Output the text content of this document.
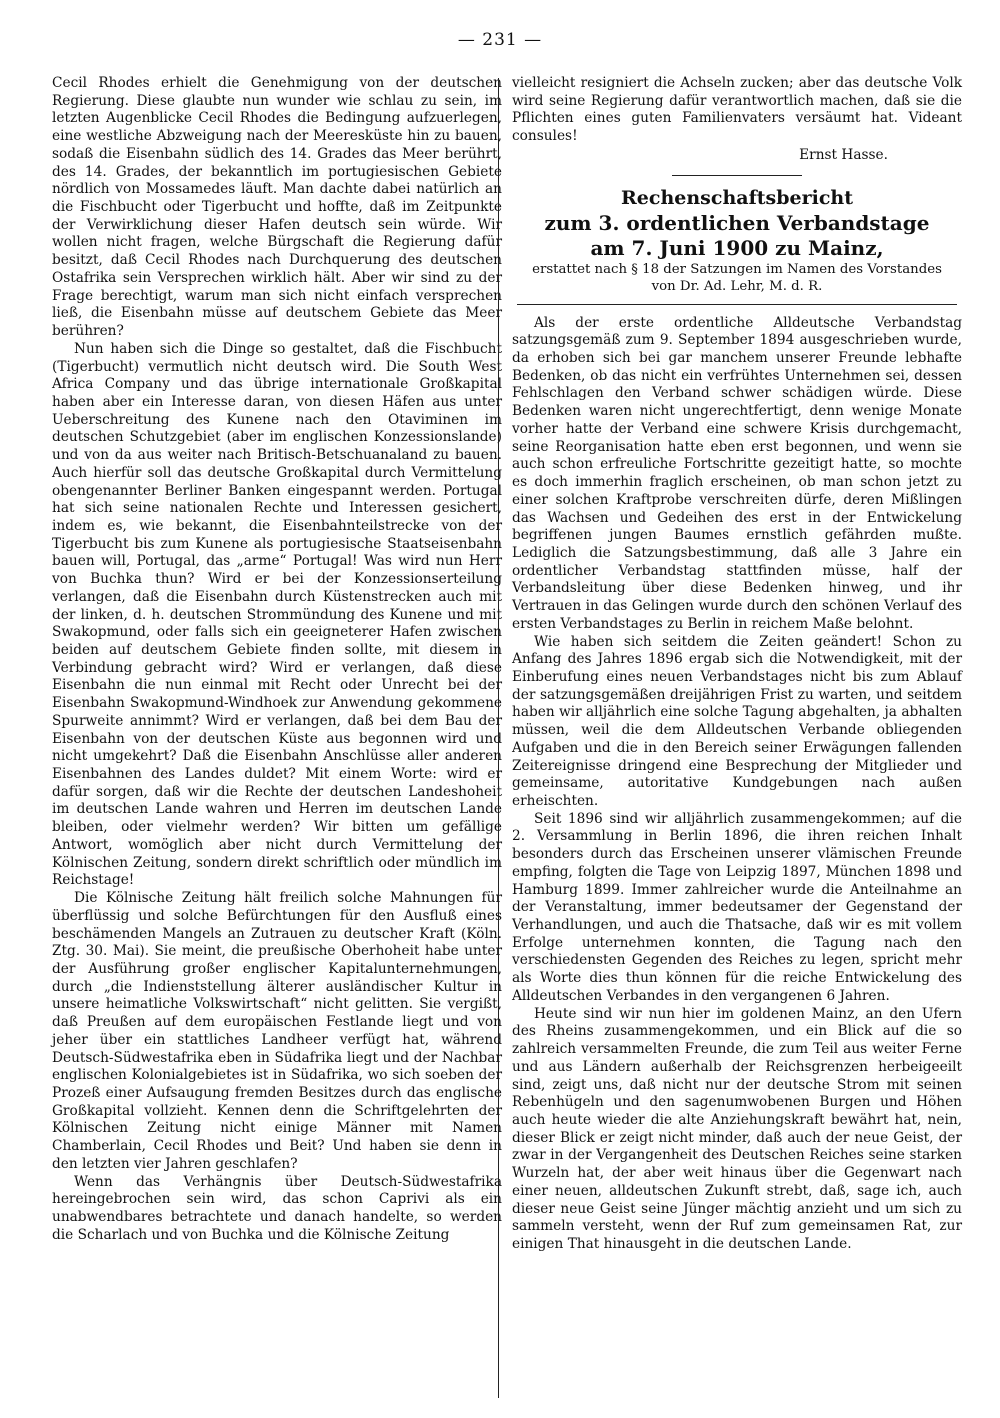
— 231 —

Cecil Rhodes erhielt die Genehmigung von der deutschen Regierung. Diese glaubte nun wunder wie schlau zu sein, im letzten Augenblicke Cecil Rhodes die Bedingung aufzuerlegen, eine westliche Abzweigung nach der Meeresküste hin zu bauen, sodaß die Eisenbahn südlich des 14. Grades das Meer berührt, des 14. Grades, der bekanntlich im portugiesischen Gebiete nördlich von Mossamedes läuft. Man dachte dabei natürlich an die Fischbucht oder Tigerbucht und hoffte, daß im Zeitpunkte der Verwirklichung dieser Hafen deutsch sein würde. Wir wollen nicht fragen, welche Bürgschaft die Regierung dafür besitzt, daß Cecil Rhodes nach Durchquerung des deutschen Ostafrika sein Versprechen wirklich hält. Aber wir sind zu der Frage berechtigt, warum man sich nicht einfach versprechen ließ, die Eisenbahn müsse auf deutschem Gebiete das Meer berühren?

Nun haben sich die Dinge so gestaltet, daß die Fischbucht (Tigerbucht) vermutlich nicht deutsch wird. Die South West Africa Company und das übrige internationale Großkapital haben aber ein Interesse daran, von diesen Häfen aus unter Ueberschreitung des Kunene nach den Otaviminen im deutschen Schutzgebiet (aber im englischen Konzessionslande) und von da aus weiter nach Britisch-Betschuanaland zu bauen. Auch hierfür soll das deutsche Großkapital durch Vermittelung obengenannter Berliner Banken eingespannt werden. Portugal hat sich seine nationalen Rechte und Interessen gesichert, indem es, wie bekannt, die Eisenbahnteilstrecke von der Tigerbucht bis zum Kunene als portugiesische Staatseisenbahn bauen will, Portugal, das „arme“ Portugal! Was wird nun Herr von Buchka thun? Wird er bei der Konzessionserteilung verlangen, daß die Eisenbahn durch Küstenstrecken auch mit der linken, d. h. deutschen Strommündung des Kunene und mit Swakopmund, oder falls sich ein geeigneterer Hafen zwischen beiden auf deutschem Gebiete finden sollte, mit diesem in Verbindung gebracht wird? Wird er verlangen, daß diese Eisenbahn die nun einmal mit Recht oder Unrecht bei der Eisenbahn Swakopmund-Windhoek zur Anwendung gekommene Spurweite annimmt? Wird er verlangen, daß bei dem Bau der Eisenbahn von der deutschen Küste aus begonnen wird und nicht umgekehrt? Daß die Eisenbahn Anschlüsse aller anderen Eisenbahnen des Landes duldet? Mit einem Worte: wird er dafür sorgen, daß wir die Rechte der deutschen Landeshoheit im deutschen Lande wahren und Herren im deutschen Lande bleiben, oder vielmehr werden? Wir bitten um gefällige Antwort, womöglich aber nicht durch Vermittelung der Kölnischen Zeitung, sondern direkt schriftlich oder mündlich im Reichstage!

Die Kölnische Zeitung hält freilich solche Mahnungen für überflüssig und solche Befürchtungen für den Ausfluß eines beschämenden Mangels an Zutrauen zu deutscher Kraft (Köln. Ztg. 30. Mai). Sie meint, die preußische Oberhoheit habe unter der Ausführung großer englischer Kapitalunternehmungen, durch „die Indienststellung älterer ausländischer Kultur in unsere heimatliche Volkswirtschaft“ nicht gelitten. Sie vergißt, daß Preußen auf dem europäischen Festlande liegt und von jeher über ein stattliches Landheer verfügt hat, während Deutsch-Südwestafrika eben in Südafrika liegt und der Nachbar englischen Kolonialgebietes ist in Südafrika, wo sich soeben der Prozeß einer Aufsaugung fremden Besitzes durch das englische Großkapital vollzieht. Kennen denn die Schriftgelehrten der Kölnischen Zeitung nicht einige Männer mit Namen Chamberlain, Cecil Rhodes und Beit? Und haben sie denn in den letzten vier Jahren geschlafen?

Wenn das Verhängnis über Deutsch-Südwestafrika hereingebrochen sein wird, das schon Caprivi als ein unabwendbares betrachtete und danach handelte, so werden die Scharlach und von Buchka und die Kölnische Zeitung

vielleicht resigniert die Achseln zucken; aber das deutsche Volk wird seine Regierung dafür verantwortlich machen, daß sie die Pflichten eines guten Familienvaters versäumt hat. Videant consules!

Ernst Hasse.

Rechenschaftsbericht
zum 3. ordentlichen Verbandstage
am 7. Juni 1900 zu Mainz,
erstattet nach § 18 der Satzungen im Namen des Vorstandes
von Dr. Ad. Lehr, M. d. R.

Als der erste ordentliche Alldeutsche Verbandstag satzungsgemäß zum 9. September 1894 ausgeschrieben wurde, da erhoben sich bei gar manchem unserer Freunde lebhafte Bedenken, ob das nicht ein verfrühtes Unternehmen sei, dessen Fehlschlagen den Verband schwer schädigen würde. Diese Bedenken waren nicht ungerechtfertigt, denn wenige Monate vorher hatte der Verband eine schwere Krisis durchgemacht, seine Reorganisation hatte eben erst begonnen, und wenn sie auch schon erfreuliche Fortschritte gezeitigt hatte, so mochte es doch immerhin fraglich erscheinen, ob man schon jetzt zu einer solchen Kraftprobe verschreiten dürfe, deren Mißlingen das Wachsen und Gedeihen des erst in der Entwickelung begriffenen jungen Baumes ernstlich gefährden mußte. Lediglich die Satzungsbestimmung, daß alle 3 Jahre ein ordentlicher Verbandstag stattfinden müsse, half der Verbandsleitung über diese Bedenken hinweg, und ihr Vertrauen in das Gelingen wurde durch den schönen Verlauf des ersten Verbandstages zu Berlin in reichem Maße belohnt.

Wie haben sich seitdem die Zeiten geändert! Schon zu Anfang des Jahres 1896 ergab sich die Notwendigkeit, mit der Einberufung eines neuen Verbandstages nicht bis zum Ablauf der satzungsgemäßen dreijährigen Frist zu warten, und seitdem haben wir alljährlich eine solche Tagung abgehalten, ja abhalten müssen, weil die dem Alldeutschen Verbande obliegenden Aufgaben und die in den Bereich seiner Erwägungen fallenden Zeitereignisse dringend eine Besprechung der Mitglieder und gemeinsame, autoritative Kundgebungen nach außen erheischten.

Seit 1896 sind wir alljährlich zusammengekommen; auf die 2. Versammlung in Berlin 1896, die ihren reichen Inhalt besonders durch das Erscheinen unserer vlämischen Freunde empfing, folgten die Tage von Leipzig 1897, München 1898 und Hamburg 1899. Immer zahlreicher wurde die Anteilnahme an der Veranstaltung, immer bedeutsamer der Gegenstand der Verhandlungen, und auch die Thatsache, daß wir es mit vollem Erfolge unternehmen konnten, die Tagung nach den verschiedensten Gegenden des Reiches zu legen, spricht mehr als Worte dies thun können für die reiche Entwickelung des Alldeutschen Verbandes in den vergangenen 6 Jahren.

Heute sind wir nun hier im goldenen Mainz, an den Ufern des Rheins zusammengekommen, und ein Blick auf die so zahlreich versammelten Freunde, die zum Teil aus weiter Ferne und aus Ländern außerhalb der Reichsgrenzen herbeigeeilt sind, zeigt uns, daß nicht nur der deutsche Strom mit seinen Rebenhügeln und den sagenumwobenen Burgen und Höhen auch heute wieder die alte Anziehungskraft bewährt hat, nein, dieser Blick er zeigt nicht minder, daß auch der neue Geist, der zwar in der Vergangenheit des Deutschen Reiches seine starken Wurzeln hat, der aber weit hinaus über die Gegenwart nach einer neuen, alldeutschen Zukunft strebt, daß, sage ich, auch dieser neue Geist seine Jünger mächtig anzieht und um sich zu sammeln versteht, wenn der Ruf zum gemeinsamen Rat, zur einigen That hinausgeht in die deutschen Lande.
